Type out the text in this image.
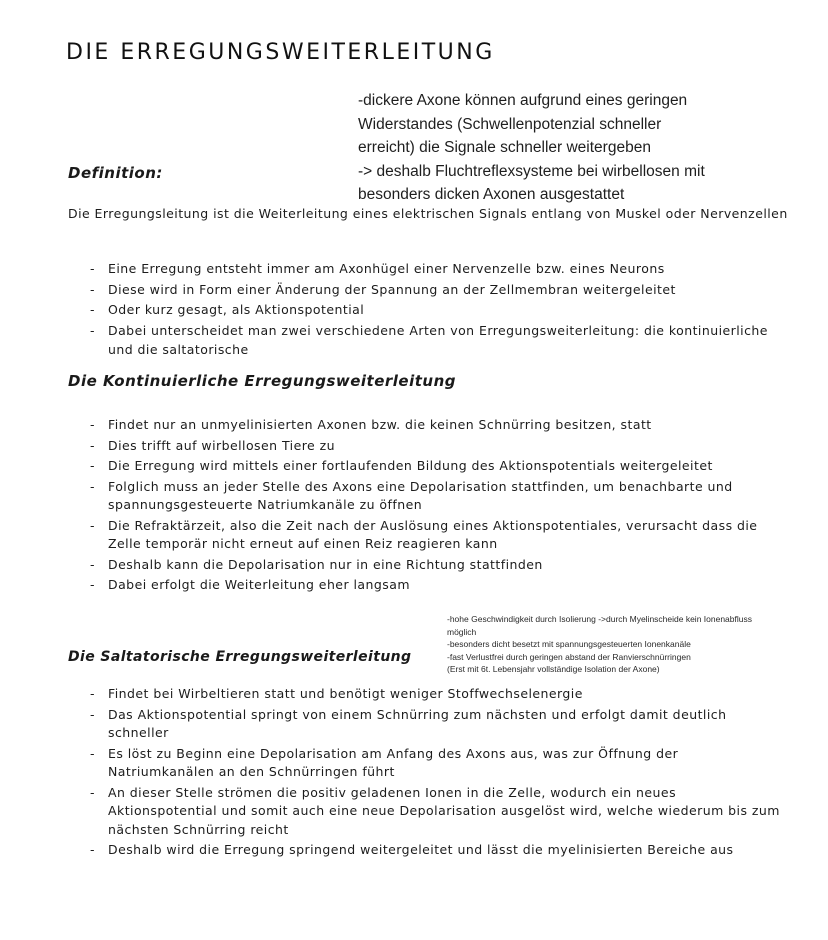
DIE ERREGUNGSWEITERLEITUNG
-dickere Axone können aufgrund eines geringen
Widerstandes (Schwellenpotenzial schneller
erreicht) die Signale schneller weitergeben
-> deshalb Fluchtreflexsysteme bei wirbellosen mit
besonders dicken Axonen ausgestattet
Definition:
Die Erregungsleitung ist die Weiterleitung eines elektrischen Signals entlang von Muskel oder Nervenzellen
- Eine Erregung entsteht immer am Axonhügel einer Nervenzelle bzw. eines Neurons
- Diese wird in Form einer Änderung der Spannung an der Zellmembran weitergeleitet
- Oder kurz gesagt, als Aktionspotential
- Dabei unterscheidet man zwei verschiedene Arten von Erregungsweiterleitung: die kontinuierliche und die saltatorische
Die Kontinuierliche Erregungsweiterleitung
- Findet nur an unmyelinisierten Axonen bzw. die keinen Schnürring besitzen, statt
- Dies trifft auf wirbellosen Tiere zu
- Die Erregung wird mittels einer fortlaufenden Bildung des Aktionspotentials weitergeleitet
- Folglich muss an jeder Stelle des Axons eine Depolarisation stattfinden, um benachbarte und spannungsgesteuerte Natriumkanäle zu öffnen
- Die Refraktärzeit, also die Zeit nach der Auslösung eines Aktionspotentiales, verursacht dass die Zelle temporär nicht erneut auf einen Reiz reagieren kann
- Deshalb kann die Depolarisation nur in eine Richtung stattfinden
- Dabei erfolgt die Weiterleitung eher langsam
-hohe Geschwindigkeit durch Isolierung ->durch Myelinscheide kein Ionenabfluss
möglich
-besonders dicht besetzt mit spannungsgesteuerten Ionenkanäle
-fast Verlustfrei durch geringen abstand der Ranvierschnürringen
(Erst mit 6t. Lebensjahr vollständige Isolation der Axone)
Die Saltatorische Erregungsweiterleitung
- Findet bei Wirbeltieren statt und benötigt weniger Stoffwechselenergie
- Das Aktionspotential springt von einem Schnürring zum nächsten und erfolgt damit deutlich schneller
- Es löst zu Beginn eine Depolarisation am Anfang des Axons aus, was zur Öffnung der Natriumkanälen an den Schnürringen führt
- An dieser Stelle strömen die positiv geladenen Ionen in die Zelle, wodurch ein neues Aktionspotential und somit auch eine neue Depolarisation ausgelöst wird, welche wiederum bis zum nächsten Schnürring reicht
- Deshalb wird die Erregung springend weitergeleitet und lässt die myelinisierten Bereiche aus
